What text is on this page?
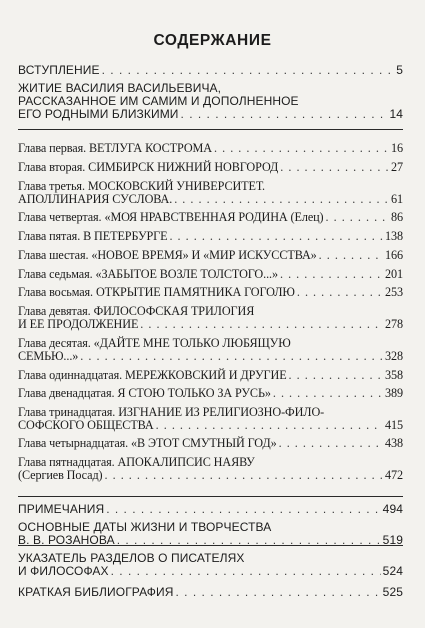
СОДЕРЖАНИЕ
ВСТУПЛЕНИЕ . . .	5
ЖИТИЕ ВАСИЛИЯ ВАСИЛЬЕВИЧА,
РАССКАЗАННОЕ ИМ САМИМ И ДОПОЛНЕННОЕ
ЕГО РОДНЫМИ БЛИЗКИМИ . . .	14
Глава первая. ВЕТЛУГА КОСТРОМА . . .	16
Глава вторая. СИМБИРСК НИЖНИЙ НОВГОРОД . . .	27
Глава третья. МОСКОВСКИЙ УНИВЕРСИТЕТ.
АПОЛЛИНАРИЯ СУСЛОВА. . . .	61
Глава четвертая. «МОЯ НРАВСТВЕННАЯ РОДИНА (Елец) . . .	86
Глава пятая. В ПЕТЕРБУРГЕ . . .	138
Глава шестая. «НОВОЕ ВРЕМЯ» И «МИР ИСКУССТВА» . . .	166
Глава седьмая. «ЗАБЫТОЕ ВОЗЛЕ ТОЛСТОГО...» . . .	201
Глава восьмая. ОТКРЫТИЕ ПАМЯТНИКА ГОГОЛЮ . . .	253
Глава девятая. ФИЛОСОФСКАЯ ТРИЛОГИЯ
И ЕЕ ПРОДОЛЖЕНИЕ . . .	278
Глава десятая. «ДАЙТЕ МНЕ ТОЛЬКО ЛЮБЯЩУЮ
СЕМЬЮ...» . . .	328
Глава одиннадцатая. МЕРЕЖКОВСКИЙ И ДРУГИЕ . . .	358
Глава двенадцатая. Я СТОЮ ТОЛЬКО ЗА РУСЬ» . . .	389
Глава тринадцатая. ИЗГНАНИЕ ИЗ РЕЛИГИОЗНО-ФИЛО-
СОФСКОГО ОБЩЕСТВА . . .	415
Глава четырнадцатая. «В ЭТОТ СМУТНЫЙ ГОД» . . .	438
Глава пятнадцатая. АПОКАЛИПСИС НАЯВУ
(Сергиев Посад) . . .	472
ПРИМЕЧАНИЯ . . .	494
ОСНОВНЫЕ ДАТЫ ЖИЗНИ И ТВОРЧЕСТВА
В. В. РОЗАНОВА . . .	519
УКАЗАТЕЛЬ РАЗДЕЛОВ О ПИСАТЕЛЯХ
И ФИЛОСОФАХ . . .	524
КРАТКАЯ БИБЛИОГРАФИЯ . . .	525
